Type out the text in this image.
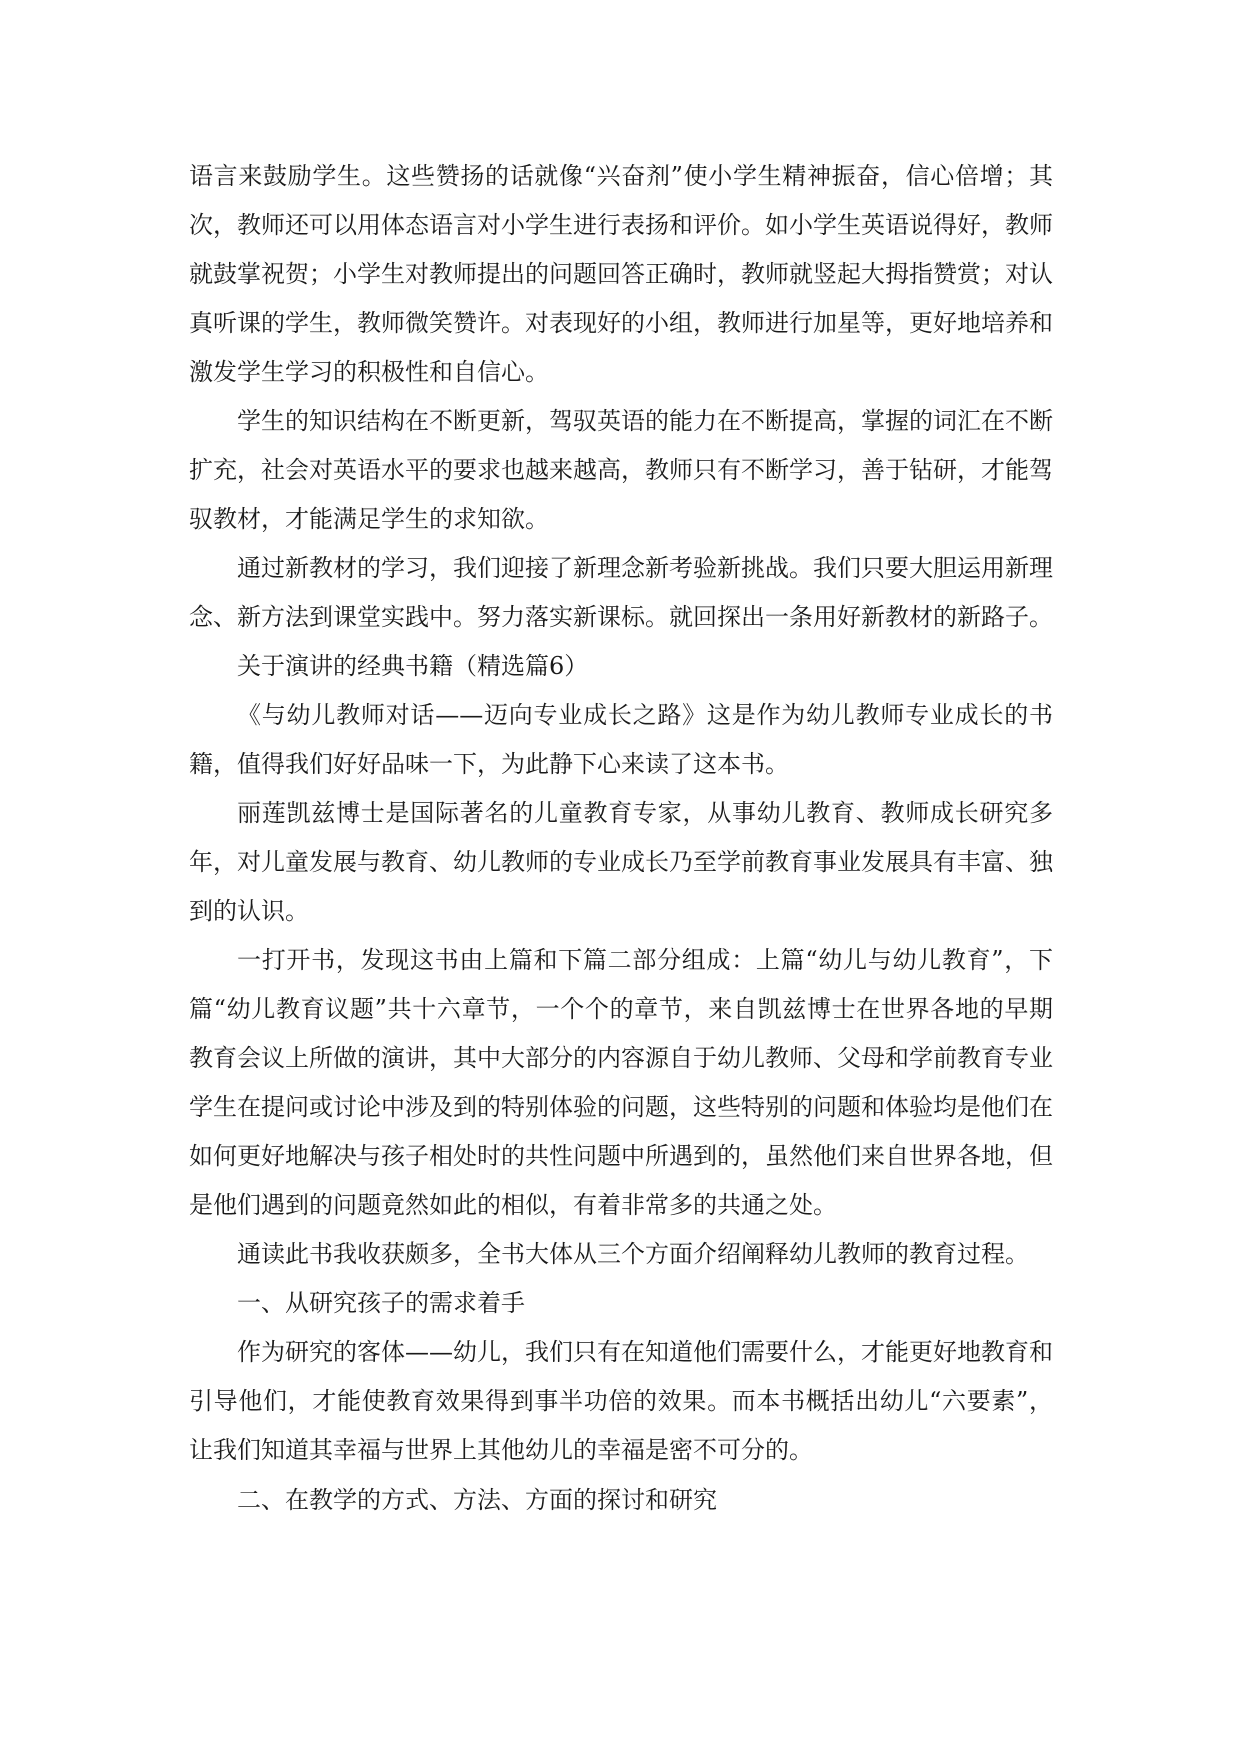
语言来鼓励学生。这些赞扬的话就像“兴奋剂”使小学生精神振奋，信心倍增；其次，教师还可以用体态语言对小学生进行表扬和评价。如小学生英语说得好，教师就鼓掌祝贺；小学生对教师提出的问题回答正确时，教师就竖起大拇指赞赏；对认真听课的学生，教师微笑赞许。对表现好的小组，教师进行加星等，更好地培养和激发学生学习的积极性和自信心。

学生的知识结构在不断更新，驾驭英语的能力在不断提高，掌握的词汇在不断扩充，社会对英语水平的要求也越来越高，教师只有不断学习，善于钻研，才能驾驭教材，才能满足学生的求知欲。

通过新教材的学习，我们迎接了新理念新考验新挑战。我们只要大胆运用新理念、新方法到课堂实践中。努力落实新课标。就回探出一条用好新教材的新路子。

关于演讲的经典书籍（精选篇6）

《与幼儿教师对话——迈向专业成长之路》这是作为幼儿教师专业成长的书籍，值得我们好好品味一下，为此静下心来读了这本书。

丽莲凯兹博士是国际著名的儿童教育专家，从事幼儿教育、教师成长研究多年，对儿童发展与教育、幼儿教师的专业成长乃至学前教育事业发展具有丰富、独到的认识。

一打开书，发现这书由上篇和下篇二部分组成：上篇“幼儿与幼儿教育”，下篇“幼儿教育议题”共十六章节，一个个的章节，来自凯兹博士在世界各地的早期教育会议上所做的演讲，其中大部分的内容源自于幼儿教师、父母和学前教育专业学生在提问或讨论中涉及到的特别体验的问题，这些特别的问题和体验均是他们在如何更好地解决与孩子相处时的共性问题中所遇到的，虽然他们来自世界各地，但是他们遇到的问题竟然如此的相似，有着非常多的共通之处。

通读此书我收获颇多，全书大体从三个方面介绍阐释幼儿教师的教育过程。

一、从研究孩子的需求着手

作为研究的客体——幼儿，我们只有在知道他们需要什么，才能更好地教育和引导他们，才能使教育效果得到事半功倍的效果。而本书概括出幼儿“六要素”，让我们知道其幸福与世界上其他幼儿的幸福是密不可分的。

二、在教学的方式、方法、方面的探讨和研究
